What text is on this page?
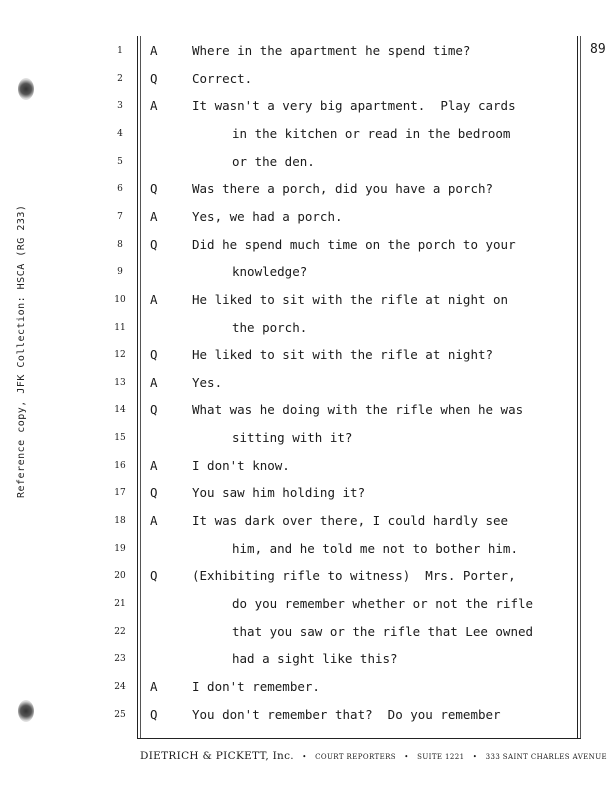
Reference copy, JFK Collection: HSCA (RG 233)
89
1	A	Where in the apartment he spend time?
2	Q	Correct.
3	A	It wasn't a very big apartment.  Play cards
4	in the kitchen or read in the bedroom
5	or the den.
6	Q	Was there a porch, did you have a porch?
7	A	Yes, we had a porch.
8	Q	Did he spend much time on the porch to your
9	knowledge?
10	A	He liked to sit with the rifle at night on
11	the porch.
12	Q	He liked to sit with the rifle at night?
13	A	Yes.
14	Q	What was he doing with the rifle when he was
15	sitting with it?
16	A	I don't know.
17	Q	You saw him holding it?
18	A	It was dark over there, I could hardly see
19	him, and he told me not to bother him.
20	Q	(Exhibiting rifle to witness)  Mrs. Porter,
21	do you remember whether or not the rifle
22	that you saw or the rifle that Lee owned
23	had a sight like this?
24	A	I don't remember.
25	Q	You don't remember that?  Do you remember
DIETRICH & PICKETT, Inc. • COURT REPORTERS • SUITE 1221 • 333 SAINT CHARLES AVENUE
